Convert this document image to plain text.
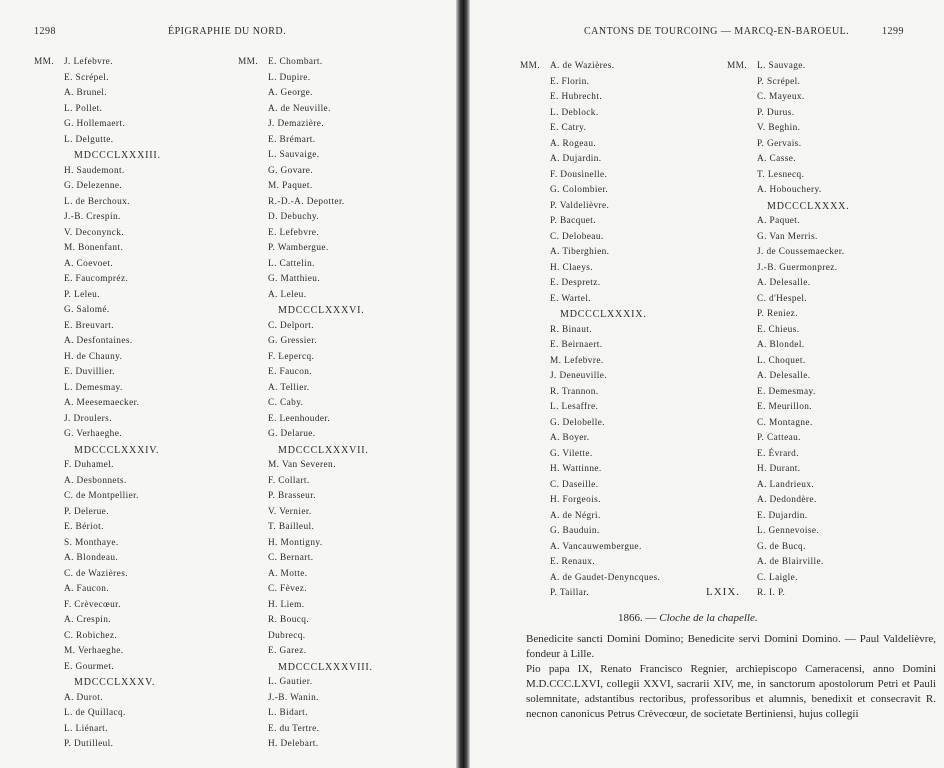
1298	ÉPIGRAPHIE DU NORD.
MM. J. Lefebvre.
E. Scrépel.
A. Brunel.
L. Pollet.
G. Hollemaert.
L. Delgutte.
MDCCCLXXXIII.
H. Saudemont.
G. Delezenne.
L. de Berchoux.
J.-B. Crespin.
V. Deconynck.
M. Bonenfant.
A. Coevoet.
E. Faucompréz.
P. Leleu.
G. Salomé.
E. Breuvart.
A. Desfontaines.
H. de Chauny.
E. Duvillier.
L. Demesmay.
A. Meesemaecker.
J. Droulers.
G. Verhaeghe.
MDCCCLXXXIV.
F. Duhamel.
A. Desbonnets.
C. de Montpellier.
P. Delerue.
E. Bériot.
S. Monthaye.
A. Blondeau.
C. de Wazières.
A. Faucon.
F. Crèvecœur.
A. Crespin.
C. Robichez.
M. Verhaeghe.
E. Gourmet.
MDCCCLXXXV.
A. Durot.
L. de Quillacq.
L. Liénart.
P. Dutilleul.
MM. E. Chombart.
L. Dupire.
A. George.
A. de Neuville.
J. Demazière.
E. Brémart.
L. Sauvaige.
G. Govare.
M. Paquet.
R.-D.-A. Depotter.
D. Debuchy.
E. Lefebvre.
P. Wambergue.
L. Cattelin.
G. Matthieu.
A. Leleu.
MDCCCLXXXVI.
C. Delport.
G. Gressier.
F. Lepercq.
E. Faucon.
A. Tellier.
C. Caby.
E. Leenhouder.
G. Delarue.
MDCCCLXXXVII.
M. Van Severen.
F. Collart.
P. Brasseur.
V. Vernier.
T. Bailleul.
H. Montigny.
C. Bernart.
A. Motte.
C. Fèvez.
H. Liem.
R. Boucq.
Dubrecq.
E. Garez.
MDCCCLXXXVIII.
L. Gautier.
J.-B. Wanin.
L. Bidart.
E. du Tertre.
H. Delebart.
CANTONS DE TOURCOING — MARCQ-EN-BAROEUL.	1299
MM. A. de Wazières.
E. Florin.
E. Hubrecht.
L. Deblock.
E. Catry.
A. Rogeau.
A. Dujardin.
F. Dousinelle.
G. Colombier.
P. Valdelièvre.
P. Bacquet.
C. Delobeau.
A. Tiberghien.
H. Claeys.
E. Despretz.
E. Wartel.
MDCCCLXXXIX.
R. Binaut.
E. Beirnaert.
M. Lefebvre.
J. Deneuville.
R. Trannon.
L. Lesaffre.
G. Delobelle.
A. Boyer.
G. Vilette.
H. Wattinne.
C. Daseille.
H. Forgeois.
A. de Négri.
G. Bauduin.
A. Vancauwembergue.
E. Renaux.
A. de Gaudet-Denyncques.
P. Taillar.
MM. L. Sauvage.
P. Scrépel.
C. Mayeux.
P. Durus.
V. Beghin.
P. Gervais.
A. Casse.
T. Lesnecq.
A. Hobouchery.
MDCCCLXXXX.
A. Paquet.
G. Van Merris.
J. de Coussemaecker.
J.-B. Guermonprez.
A. Delesalle.
C. d'Hespel.
P. Reniez.
E. Chieus.
A. Blondel.
L. Choquet.
A. Delesalle.
E. Demesmay.
E. Meurillon.
C. Montagne.
P. Catteau.
E. Évrard.
H. Durant.
A. Landrieux.
A. Dedondère.
E. Dujardin.
L. Gennevoise.
G. de Bucq.
A. de Blairville.
C. Laigle.
R. I. P.
LXIX.
1866. — Cloche de la chapelle.

Benedicite sancti Domini Domino; Benedicite servi Domini Domino. — Paul Valdelièvre, fondeur à Lille.

Pio papa IX, Renato Francisco Regnier, archiepiscopo Cameracensi, anno Domini M.D.CCC.LXVI, collegii XXVI, sacrarii XIV, me, in sanctorum apostolorum Petri et Pauli solemnitate, adstantibus rectoribus, professoribus et alumnis, benedixit et consecravit R. necnon canonicus Petrus Crèvecœur, de societate Bertiniensi, hujus collegii
